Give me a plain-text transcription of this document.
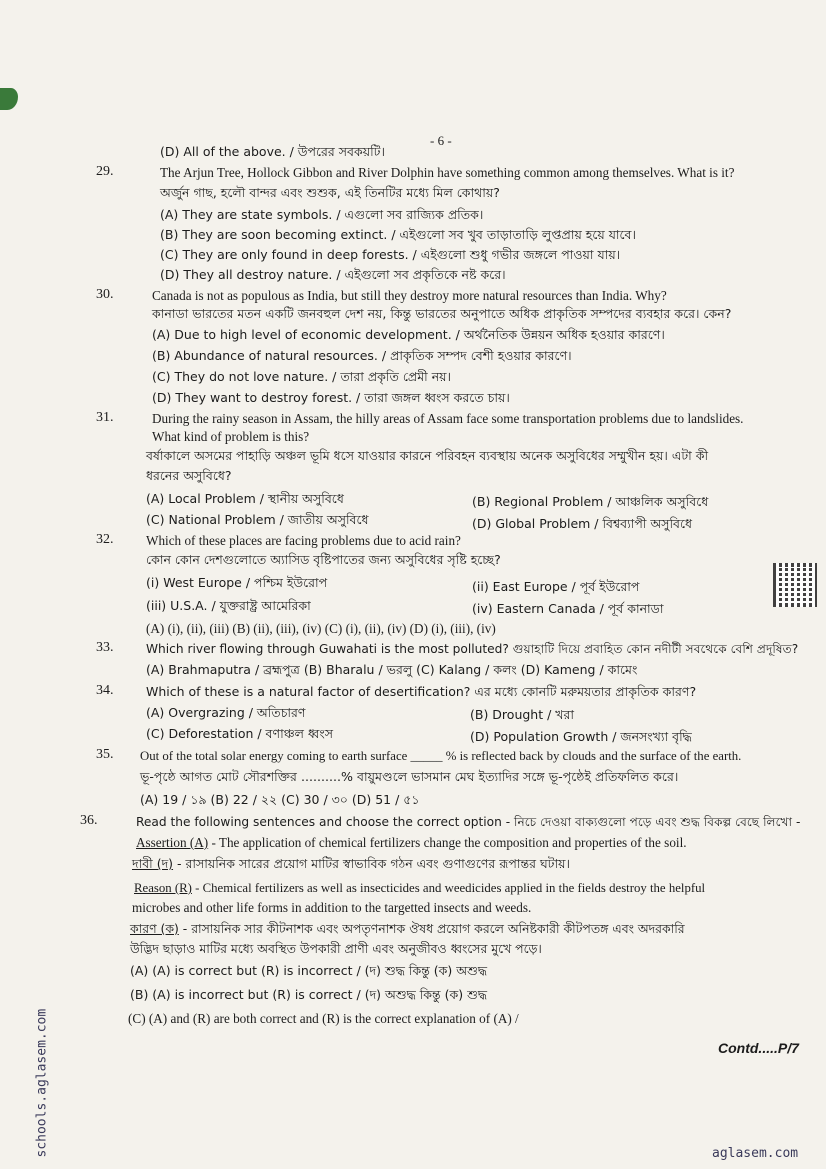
- 6 -
(D) All of the above. / উপরের সবকয়টি।
29.	The Arjun Tree, Hollock Gibbon and River Dolphin have something common among themselves. What is it?
অর্জুন গাছ, হলৌ বান্দর এবং শুশুক, এই তিনটির মধ্যে মিল কোথায়?
(A) They are state symbols. / এগুলো সব রাজ্যিক প্রতিক।
(B) They are soon becoming extinct. / এইগুলো সব খুব তাড়াতাড়ি লুপ্তপ্রায় হয়ে যাবে।
(C) They are only found in deep forests. / এইগুলো শুধু গভীর জঙ্গলে পাওয়া যায়।
(D) They all destroy nature. / এইগুলো সব প্রকৃতিকে নষ্ট করে।
30.	Canada is not as populous as India, but still they destroy more natural resources than India. Why?
কানাডা ভারতের মতন একটি জনবহুল দেশ নয়, কিন্তু ভারতের অনুপাতে অধিক প্রাকৃতিক সম্পদের ব্যবহার করে। কেন?
(A) Due to high level of economic development. / অর্থনৈতিক উন্নয়ন অধিক হওয়ার কারণে।
(B) Abundance of natural resources. / প্রাকৃতিক সম্পদ বেশী হওয়ার কারণে।
(C) They do not love nature. / তারা প্রকৃতি প্রেমী নয়।
(D) They want to destroy forest. / তারা জঙ্গল ধ্বংস করতে চায়।
31.	During the rainy season in Assam, the hilly areas of Assam face some transportation problems due to landslides.
What kind of problem is this?
বর্ষাকালে অসমের পাহাড়ি অঞ্চল ভূমি ধসে যাওয়ার কারনে পরিবহন ব্যবস্থায় অনেক অসুবিধের সম্মুখীন হয়। এটা কী
ধরনের অসুবিধে?
(A) Local Problem / স্থানীয় অসুবিধে	(B) Regional Problem / আঞ্চলিক অসুবিধে
(C) National Problem / জাতীয় অসুবিধে	(D) Global Problem / বিশ্বব্যাপী অসুবিধে
32. Which of these places are facing problems due to acid rain?
কোন কোন দেশগুলোতে অ্যাসিড বৃষ্টিপাতের জন্য অসুবিধের সৃষ্টি হচ্ছে?
(i) West Europe / পশ্চিম ইউরোপ	(ii) East Europe / পূর্ব ইউরোপ
(iii) U.S.A. / যুক্তরাষ্ট্র আমেরিকা	(iv) Eastern Canada / পূর্ব কানাডা
(A) (i), (ii), (iii) (B) (ii), (iii), (iv) (C) (i), (ii), (iv) (D) (i), (iii), (iv)
33.	Which river flowing through Guwahati is the most polluted? গুয়াহাটি দিয়ে প্রবাহিত কোন নদীটী সবথেকে বেশি প্রদূষিত?
(A) Brahmaputra / ব্রহ্মপুত্র (B) Bharalu / ভরলু (C) Kalang / কলং (D) Kameng / কামেং
34.	Which of these is a natural factor of desertification? এর মধ্যে কোনটি মরুময়তার প্রাকৃতিক কারণ?
(A) Overgrazing / অতিচারণ	(B) Drought / খরা
(C) Deforestation / বণাঞ্চল ধ্বংস	(D) Population Growth / জনসংখ্যা বৃদ্ধি
35. Out of the total solar energy coming to earth surface _____ % is reflected back by clouds and the surface of the earth.
ভূ-পৃষ্ঠে আগত মোট সৌরশক্তির ..........% বায়ুমণ্ডলে ভাসমান মেঘ ইত্যাদির সঙ্গে ভূ-পৃষ্ঠেই প্রতিফলিত করে।
(A) 19 / ১৯ (B) 22 / ২২ (C) 30 / ৩০ (D) 51 / ৫১
36.	Read the following sentences and choose the correct option - নিচে দেওয়া বাক্যগুলো পড়ে এবং শুদ্ধ বিকল্প বেছে লিখো -
Assertion (A) - The application of chemical fertilizers change the composition and properties of the soil.
দাবী (দ) - রাসায়নিক সারের প্রয়োগ মাটির স্বাভাবিক গঠন এবং গুণাগুণের রূপান্তর ঘটায়।
Reason (R) - Chemical fertilizers as well as insecticides and weedicides applied in the fields destroy the helpful
microbes and other life forms in addition to the targetted insects and weeds.
কারণ (ক) - রাসায়নিক সার কীটনাশক এবং অপতৃণনাশক ঔষধ প্রয়োগ করলে অনিষ্টকারী কীটপতঙ্গ এবং অদরকারি
উদ্ভিদ ছাড়াও মাটির মধ্যে অবস্থিত উপকারী প্রাণী এবং অনুজীবও ধ্বংসের মুখে পড়ে।
(A) (A) is correct but (R) is incorrect / (দ) শুদ্ধ কিন্তু (ক) অশুদ্ধ
(B) (A) is incorrect but (R) is correct / (দ) অশুদ্ধ কিন্তু (ক) শুদ্ধ
(C) (A) and (R) are both correct and (R) is the correct explanation of (A) /
Contd.....P/7
schools.aglasem.com	aglasem.com
